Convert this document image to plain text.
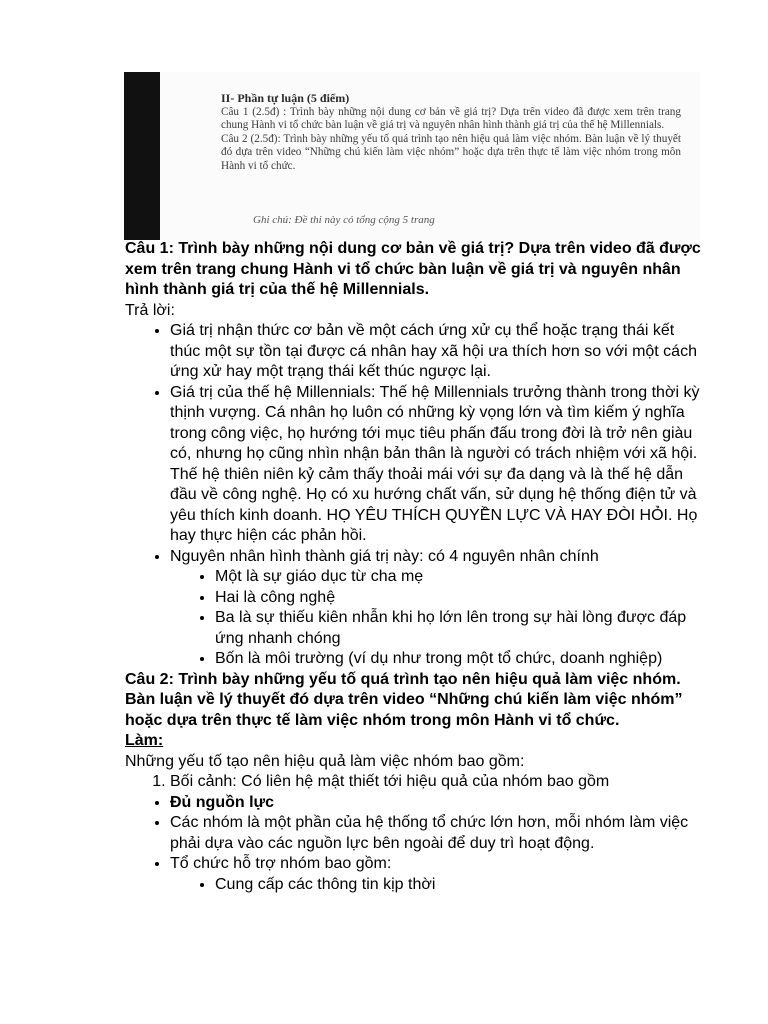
II- Phần tự luận (5 điểm)

Câu 1 (2.5đ) : Trình bày những nội dung cơ bản về giá trị? Dựa trên video đã được xem trên trang chung Hành vi tổ chức bàn luận về giá trị và nguyên nhân hình thành giá trị của thế hệ Millennials.

Câu 2 (2.5đ): Trình bày những yếu tố quá trình tạo nên hiệu quả làm việc nhóm. Bàn luận về lý thuyết đó dựa trên video “Những chú kiến làm việc nhóm” hoặc dựa trên thực tế làm việc nhóm trong môn Hành vi tổ chức.

Ghi chú: Đề thi này có tổng cộng 5 trang

Câu 1: Trình bày những nội dung cơ bản về giá trị? Dựa trên video đã được xem trên trang chung Hành vi tổ chức bàn luận về giá trị và nguyên nhân hình thành giá trị của thế hệ Millennials.

Trả lời:

• Giá trị nhận thức cơ bản về một cách ứng xử cụ thể hoặc trạng thái kết thúc một sự tồn tại được cá nhân hay xã hội ưa thích hơn so với một cách ứng xử hay một trạng thái kết thúc ngược lại.
• Giá trị của thế hệ Millennials: Thế hệ Millennials trưởng thành trong thời kỳ thịnh vượng. Cá nhân họ luôn có những kỳ vọng lớn và tìm kiếm ý nghĩa trong công việc, họ hướng tới mục tiêu phấn đấu trong đời là trở nên giàu có, nhưng họ cũng nhìn nhận bản thân là người có trách nhiệm với xã hội. Thế hệ thiên niên kỷ cảm thấy thoải mái với sự đa dạng và là thế hệ dẫn đầu về công nghệ. Họ có xu hướng chất vấn, sử dụng hệ thống điện tử và yêu thích kinh doanh. HỌ YÊU THÍCH QUYỀN LỰC VÀ HAY ĐÒI HỎI. Họ hay thực hiện các phản hồi.
• Nguyên nhân hình thành giá trị này: có 4 nguyên nhân chính
• Một là sự giáo dục từ cha mẹ
• Hai là công nghệ
• Ba là sự thiếu kiên nhẫn khi họ lớn lên trong sự hài lòng được đáp ứng nhanh chóng
• Bốn là môi trường (ví dụ như trong một tổ chức, doanh nghiệp)

Câu 2: Trình bày những yếu tố quá trình tạo nên hiệu quả làm việc nhóm. Bàn luận về lý thuyết đó dựa trên video “Những chú kiến làm việc nhóm” hoặc dựa trên thực tế làm việc nhóm trong môn Hành vi tổ chức.

Làm:

Những yếu tố tạo nên hiệu quả làm việc nhóm bao gồm:

1. Bối cảnh: Có liên hệ mật thiết tới hiệu quả của nhóm bao gồm
• Đủ nguồn lực
• Các nhóm là một phần của hệ thống tổ chức lớn hơn, mỗi nhóm làm việc phải dựa vào các nguồn lực bên ngoài để duy trì hoạt động.
• Tổ chức hỗ trợ nhóm bao gồm:
• Cung cấp các thông tin kịp thời
